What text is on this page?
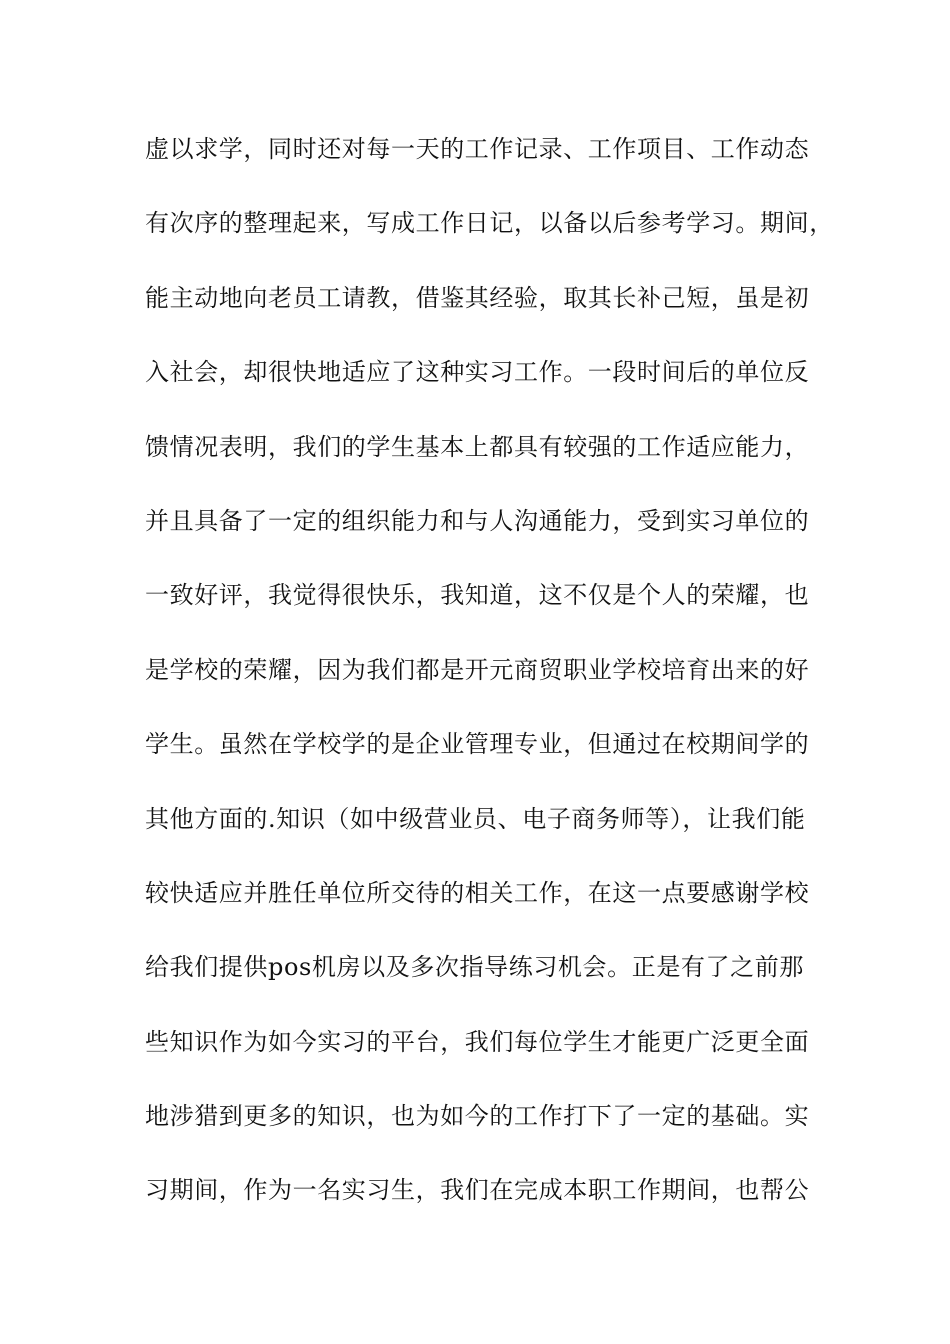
虚以求学，同时还对每一天的工作记录、工作项目、工作动态
有次序的整理起来，写成工作日记，以备以后参考学习。期间，
能主动地向老员工请教，借鉴其经验，取其长补己短，虽是初
入社会，却很快地适应了这种实习工作。一段时间后的单位反
馈情况表明，我们的学生基本上都具有较强的工作适应能力，
并且具备了一定的组织能力和与人沟通能力，受到实习单位的
一致好评，我觉得很快乐，我知道，这不仅是个人的荣耀，也
是学校的荣耀，因为我们都是开元商贸职业学校培育出来的好
学生。虽然在学校学的是企业管理专业，但通过在校期间学的
其他方面的.知识（如中级营业员、电子商务师等），让我们能
较快适应并胜任单位所交待的相关工作，在这一点要感谢学校
给我们提供pos机房以及多次指导练习机会。正是有了之前那
些知识作为如今实习的平台，我们每位学生才能更广泛更全面
地涉猎到更多的知识，也为如今的工作打下了一定的基础。实
习期间，作为一名实习生，我们在完成本职工作期间，也帮公
